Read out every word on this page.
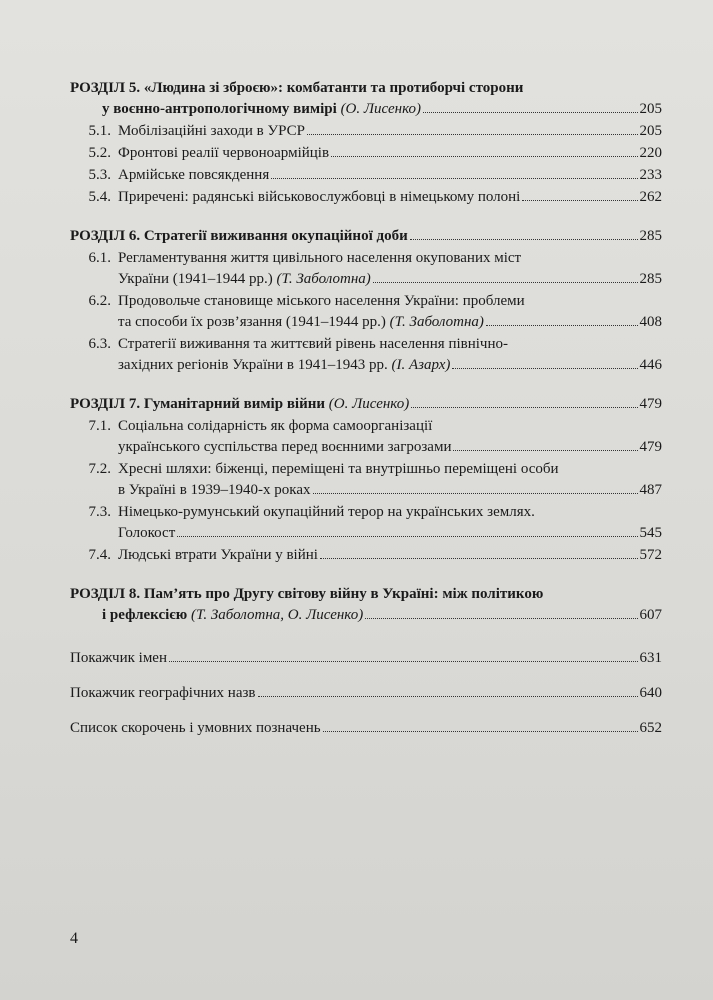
РОЗДІЛ 5. «Людина зі зброєю»: комбатанти та протиборчі сторони
у воєнно-антропологічному вимірі (О. Лисенко)	205
5.1. Мобілізаційні заходи в УРСР	205
5.2. Фронтові реалії червоноармійців	220
5.3. Армійське повсякдення	233
5.4. Приречені: радянські військовослужбовці в німецькому полоні	262
РОЗДІЛ 6. Стратегії виживання окупаційної доби	285
6.1. Регламентування життя цивільного населення окупованих міст
України (1941–1944 рр.) (Т. Заболотна)	285
6.2. Продовольче становище міського населення України: проблеми
та способи їх розв’язання (1941–1944 рр.) (Т. Заболотна)	408
6.3. Стратегії виживання та життєвий рівень населення північно-
західних регіонів України в 1941–1943 рр. (І. Азарх)	446
РОЗДІЛ 7. Гуманітарний вимір війни (О. Лисенко)	479
7.1. Соціальна солідарність як форма самоорганізації
українського суспільства перед воєнними загрозами	479
7.2. Хресні шляхи: біженці, переміщені та внутрішньо переміщені особи
в Україні в 1939–1940-х роках	487
7.3. Німецько-румунський окупаційний терор на українських землях.
Голокост	545
7.4. Людські втрати України у війні	572
РОЗДІЛ 8. Пам’ять про Другу світову війну в Україні: між політикою
і рефлексією (Т. Заболотна, О. Лисенко)	607
Покажчик імен	631
Покажчик географічних назв	640
Список скорочень і умовних позначень	652
4
